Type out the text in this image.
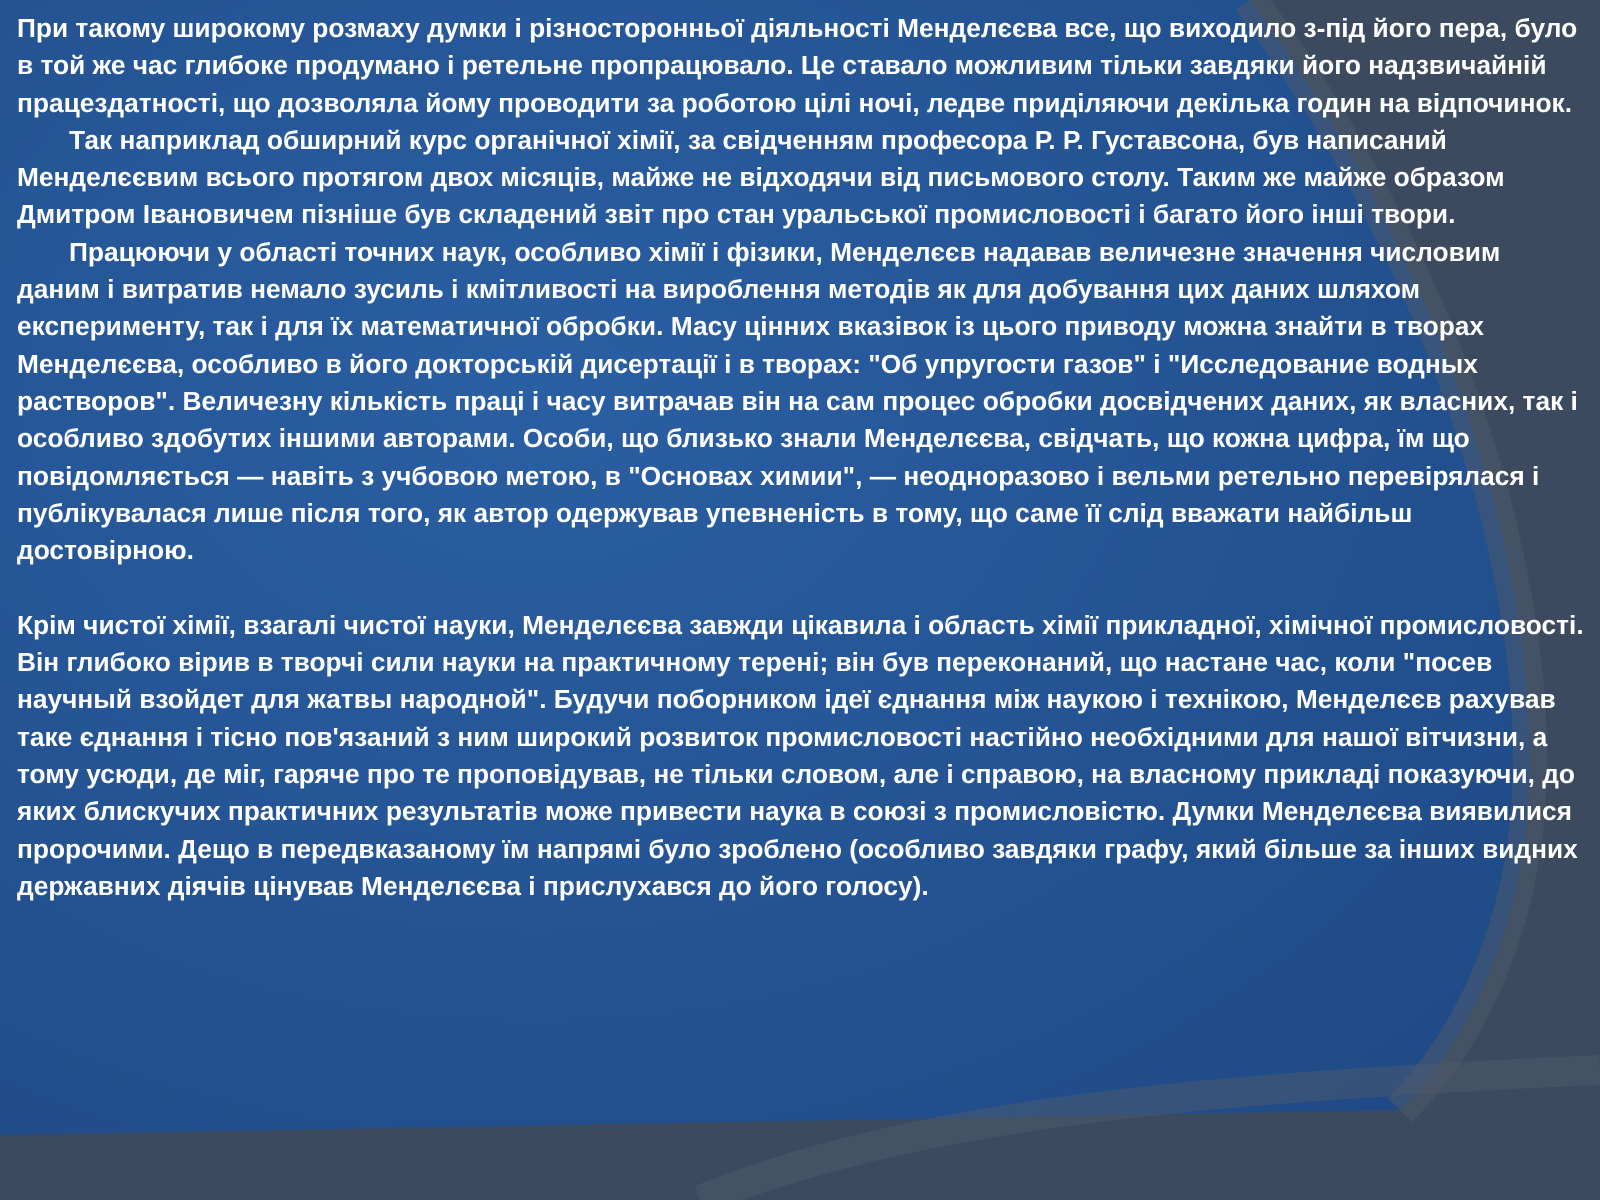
При такому широкому розмаху думки і різносторонньої діяльності Менделєєва все, що виходило з-під його пера, було в той же час глибоке продумано і ретельне пропрацювало. Це ставало можливим тільки завдяки його надзвичайній працездатності, що дозволяла йому проводити за роботою цілі ночі, ледве приділяючи декілька годин на відпочинок.

Так наприклад обширний курс органічної хімії, за свідченням професора Р. Р. Густавсона, був написаний Менделєєвим всього протягом двох місяців, майже не відходячи від письмового столу. Таким же майже образом Дмитром Івановичем пізніше був складений звіт про стан уральської промисловості і багато його інші твори.

Працюючи у області точних наук, особливо хімії і фізики, Менделєєв надавав величезне значення числовим даним і витратив немало зусиль і кмітливості на вироблення методів як для добування цих даних шляхом експерименту, так і для їх математичної обробки. Масу цінних вказівок із цього приводу можна знайти в творах Менделєєва, особливо в його докторській дисертації і в творах: "Об упругости газов" і "Исследование водных растворов". Величезну кількість праці і часу витрачав він на сам процес обробки досвідчених даних, як власних, так і особливо здобутих іншими авторами. Особи, що близько знали Менделєєва, свідчать, що кожна цифра, їм що повідомляється — навіть з учбовою метою, в "Основах химии", — неодноразово і вельми ретельно перевірялася і публікувалася лише після того, як автор одержував упевненість в тому, що саме її слід вважати найбільш достовірною.

Крім чистої хімії, взагалі чистої науки, Менделєєва завжди цікавила і область хімії прикладної, хімічної промисловості. Він глибоко вірив в творчі сили науки на практичному терені; він був переконаний, що настане час, коли "посев научный взойдет для жатвы народной". Будучи поборником ідеї єднання між наукою і технікою, Менделєєв рахував таке єднання і тісно пов'язаний з ним широкий розвиток промисловості настійно необхідними для нашої вітчизни, а тому усюди, де міг, гаряче про те проповідував, не тільки словом, але і справою, на власному прикладі показуючи, до яких блискучих практичних результатів може привести наука в союзі з промисловістю. Думки Менделєєва виявилися пророчими. Дещо в передвказаному їм напрямі було зроблено (особливо завдяки графу, який більше за інших видних державних діячів цінував Менделєєва і прислухався до його голосу).
